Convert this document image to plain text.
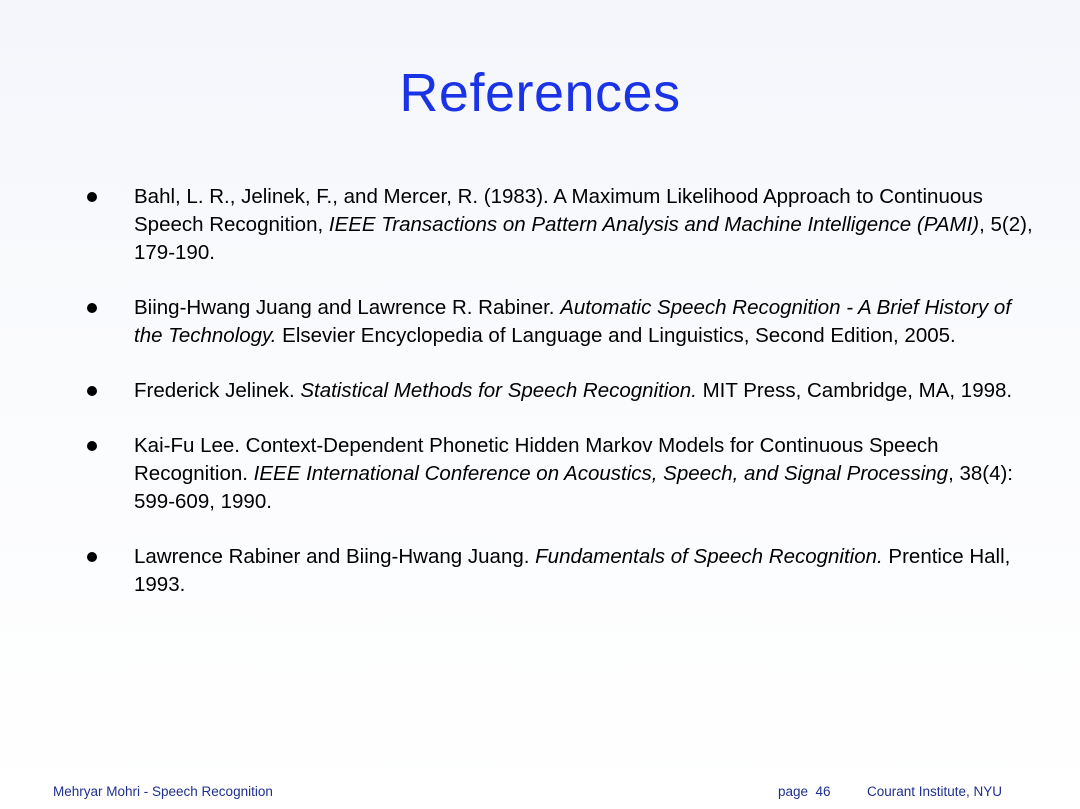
References
Bahl, L. R., Jelinek, F., and Mercer, R. (1983). A Maximum Likelihood Approach to Continuous Speech Recognition, IEEE Transactions on Pattern Analysis and Machine Intelligence (PAMI), 5(2), 179-190.
Biing-Hwang Juang and Lawrence R. Rabiner. Automatic Speech Recognition - A Brief History of the Technology. Elsevier Encyclopedia of Language and Linguistics, Second Edition, 2005.
Frederick Jelinek. Statistical Methods for Speech Recognition. MIT Press, Cambridge, MA, 1998.
Kai-Fu Lee. Context-Dependent Phonetic Hidden Markov Models for Continuous Speech Recognition. IEEE International Conference on Acoustics, Speech, and Signal Processing, 38(4): 599-609, 1990.
Lawrence Rabiner and Biing-Hwang Juang. Fundamentals of Speech Recognition. Prentice Hall, 1993.
Mehryar Mohri - Speech Recognition	page  46	Courant Institute, NYU
